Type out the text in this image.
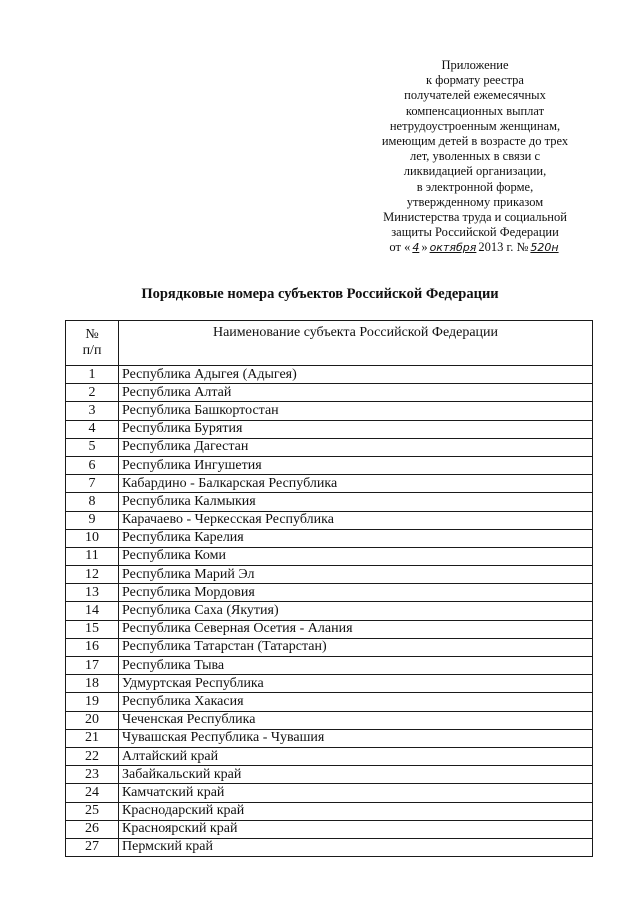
Приложение
к формату реестра
получателей ежемесячных
компенсационных выплат
нетрудоустроенным женщинам,
имеющим детей в возрасте до трех
лет, уволенных в связи с
ликвидацией организации,
в электронной форме,
утвержденному приказом
Министерства труда и социальной
защиты Российской Федерации
от « 4 » октября 2013 г. № 520н
Порядковые номера субъектов Российской Федерации
№
п/п	Наименование субъекта Российской Федерации
1	Республика Адыгея (Адыгея)
2	Республика Алтай
3	Республика Башкортостан
4	Республика Бурятия
5	Республика Дагестан
6	Республика Ингушетия
7	Кабардино - Балкарская Республика
8	Республика Калмыкия
9	Карачаево - Черкесская Республика
10	Республика Карелия
11	Республика Коми
12	Республика Марий Эл
13	Республика Мордовия
14	Республика Саха (Якутия)
15	Республика Северная Осетия - Алания
16	Республика Татарстан (Татарстан)
17	Республика Тыва
18	Удмуртская Республика
19	Республика Хакасия
20	Чеченская Республика
21	Чувашская Республика - Чувашия
22	Алтайский край
23	Забайкальский край
24	Камчатский край
25	Краснодарский край
26	Красноярский край
27	Пермский край
